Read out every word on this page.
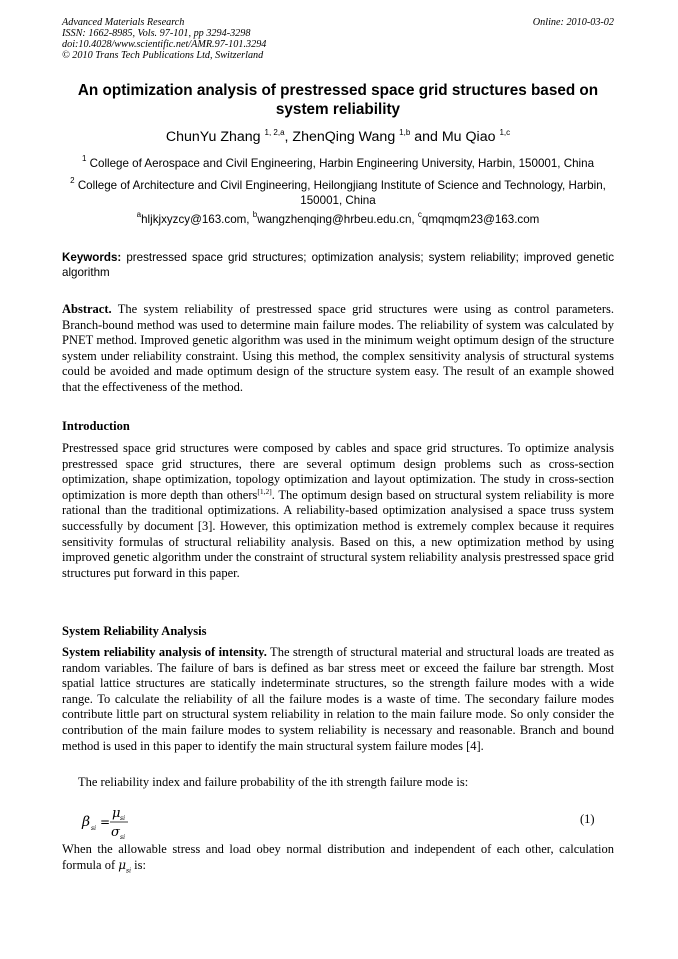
Advanced Materials Research
ISSN: 1662-8985, Vols. 97-101, pp 3294-3298
doi:10.4028/www.scientific.net/AMR.97-101.3294
© 2010 Trans Tech Publications Ltd, Switzerland
Online: 2010-03-02
An optimization analysis of prestressed space grid structures based on system reliability
ChunYu Zhang $^{1, 2,a}$, ZhenQing Wang $^{1,b}$ and Mu Qiao $^{1,c}$
$^1$ College of Aerospace and Civil Engineering, Harbin Engineering University, Harbin, 150001, China
$^2$ College of Architecture and Civil Engineering, Heilongjiang Institute of Science and Technology, Harbin, 150001, China
$^a$hljkjxyzcy@163.com, $^b$wangzhenqing@hrbeu.edu.cn, $^c$qmqmqm23@163.com
Keywords: prestressed space grid structures; optimization analysis; system reliability; improved genetic algorithm
Abstract. The system reliability of prestressed space grid structures were using as control parameters. Branch-bound method was used to determine main failure modes. The reliability of system was calculated by PNET method. Improved genetic algorithm was used in the minimum weight optimum design of the structure system under reliability constraint. Using this method, the complex sensitivity analysis of structural systems could be avoided and made optimum design of the structure system easy. The result of an example showed that the effectiveness of the method.
Introduction
Prestressed space grid structures were composed by cables and space grid structures. To optimize analysis prestressed space grid structures, there are several optimum design problems such as cross-section optimization, shape optimization, topology optimization and layout optimization. The study in cross-section optimization is more depth than others[1,2]. The optimum design based on structural system reliability is more rational than the traditional optimizations. A reliability-based optimization analysised a space truss system successfully by document [3]. However, this optimization method is extremely complex because it requires sensitivity formulas of structural reliability analysis. Based on this, a new optimization method by using improved genetic algorithm under the constraint of structural system reliability analysis prestressed space grid structures put forward in this paper.
System Reliability Analysis
System reliability analysis of intensity. The strength of structural material and structural loads are treated as random variables. The failure of bars is defined as bar stress meet or exceed the failure bar strength. Most spatial lattice structures are statically indeterminate structures, so the strength failure modes with a wide range. To calculate the reliability of all the failure modes is a waste of time. The secondary failure modes contribute little part on structural system reliability in relation to the main failure mode. So only consider the contribution of the main failure modes to system reliability is necessary and reasonable. Branch and bound method is used in this paper to identify the main structural system failure modes [4].
The reliability index and failure probability of the ith strength failure mode is:
β si =
μ si
σ si
(1)
When the allowable stress and load obey normal distribution and independent of each other, calculation formula of $\mu_{si}$ is:
